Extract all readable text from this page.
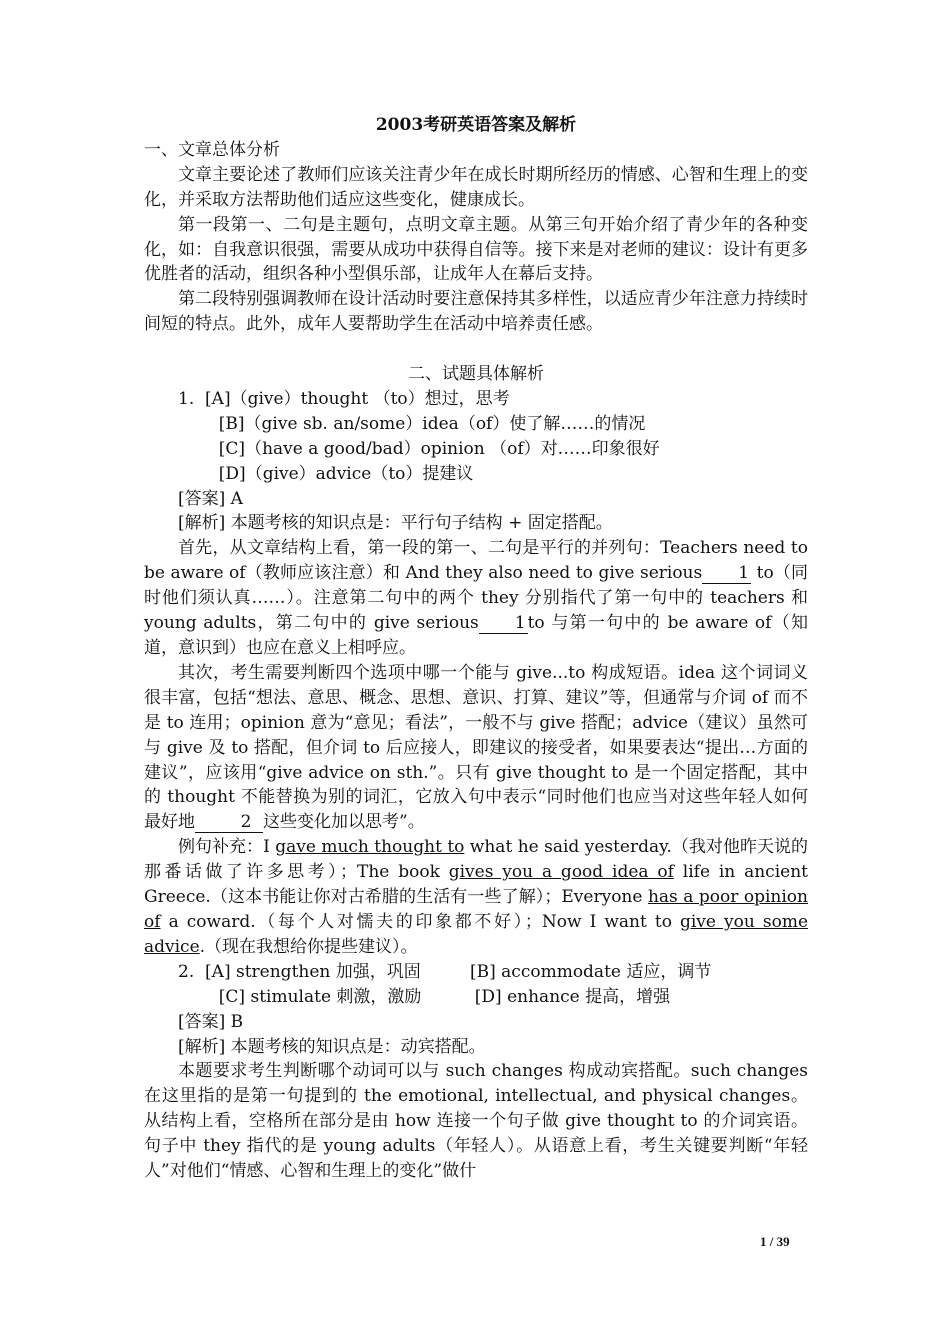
2003考研英语答案及解析
一、文章总体分析

文章主要论述了教师们应该关注青少年在成长时期所经历的情感、心智和生理上的变化，并采取方法帮助他们适应这些变化，健康成长。

第一段第一、二句是主题句，点明文章主题。从第三句开始介绍了青少年的各种变化，如：自我意识很强，需要从成功中获得自信等。接下来是对老师的建议：设计有更多优胜者的活动，组织各种小型俱乐部，让成年人在幕后支持。

第二段特别强调教师在设计活动时要注意保持其多样性，以适应青少年注意力持续时间短的特点。此外，成年人要帮助学生在活动中培养责任感。

二、试题具体解析
1. [A]（give）thought （to）想过，思考
[B]（give sb. an/some）idea（of）使了解……的情况
[C]（have a good/bad）opinion （of）对……印象很好
[D]（give）advice（to）提建议
[答案] A
[解析] 本题考核的知识点是：平行句子结构 + 固定搭配。

首先，从文章结构上看，第一段的第一、二句是平行的并列句：Teachers need to be aware of（教师应该注意）和 And they also need to give serious 1 to（同时他们须认真……）。注意第二句中的两个 they 分别指代了第一句中的 teachers 和 young adults，第二句中的 give serious 1 to 与第一句中的 be aware of（知道，意识到）也应在意义上相呼应。

其次，考生需要判断四个选项中哪一个能与 give...to 构成短语。idea 这个词词义很丰富，包括“想法、意思、概念、思想、意识、打算、建议”等，但通常与介词 of 而不是 to 连用；opinion 意为“意见；看法”，一般不与 give 搭配；advice（建议）虽然可与 give 及 to 搭配，但介词 to 后应接人，即建议的接受者，如果要表达“提出…方面的建议”，应该用“give advice on sth.”。只有 give thought to 是一个固定搭配，其中的 thought 不能替换为别的词汇，它放入句中表示“同时他们也应当对这些年轻人如何最好地	2 这些变化加以思考”。

例句补充：I gave much thought to what he said yesterday.（我对他昨天说的那番话做了许多思考）；The book gives you a good idea of life in ancient Greece.（这本书能让你对古希腊的生活有一些了解）；Everyone has a poor opinion of a coward.（每个人对懦夫的印象都不好）；Now I want to give you some advice.（现在我想给你提些建议）。

2. [A] strengthen 加强，巩固	[B] accommodate 适应，调节
[C] stimulate 刺激，激励	[D] enhance 提高，增强
[答案] B
[解析] 本题考核的知识点是：动宾搭配。

本题要求考生判断哪个动词可以与 such changes 构成动宾搭配。such changes 在这里指的是第一句提到的 the emotional, intellectual, and physical changes。从结构上看，空格所在部分是由 how 连接一个句子做 give thought to 的介词宾语。句子中 they 指代的是 young adults（年轻人）。从语意上看，考生关键要判断“年轻人”对他们“情感、心智和生理上的变化”做什

1 / 39
